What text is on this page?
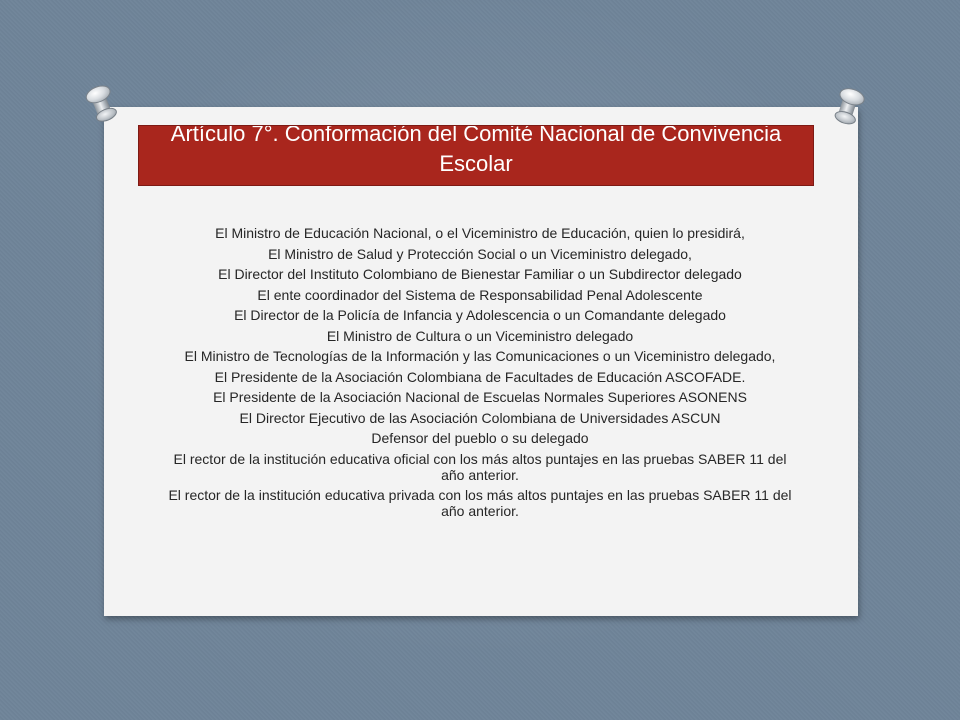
Artículo 7°. Conformación del Comité Nacional de Convivencia Escolar
El Ministro de Educación Nacional, o el Viceministro de Educación, quien lo presidirá,
El Ministro de Salud y Protección Social o un Viceministro delegado,
El Director del Instituto Colombiano de Bienestar Familiar o un Subdirector delegado
El ente coordinador del Sistema de Responsabilidad Penal Adolescente
El Director de la Policía de Infancia y Adolescencia o un Comandante delegado
El Ministro de Cultura o un Viceministro delegado
El Ministro de Tecnologías de la Información y las Comunicaciones o un Viceministro delegado,
El Presidente de la Asociación Colombiana de Facultades de Educación ASCOFADE.
El Presidente de la Asociación Nacional de Escuelas Normales Superiores ASONENS
El Director Ejecutivo de las Asociación Colombiana de Universidades ASCUN
Defensor del pueblo o su delegado
El rector de la institución educativa oficial con los más altos puntajes en las pruebas SABER 11 del año anterior.
El rector de la institución educativa privada con los más altos puntajes en las pruebas SABER 11 del año anterior.
